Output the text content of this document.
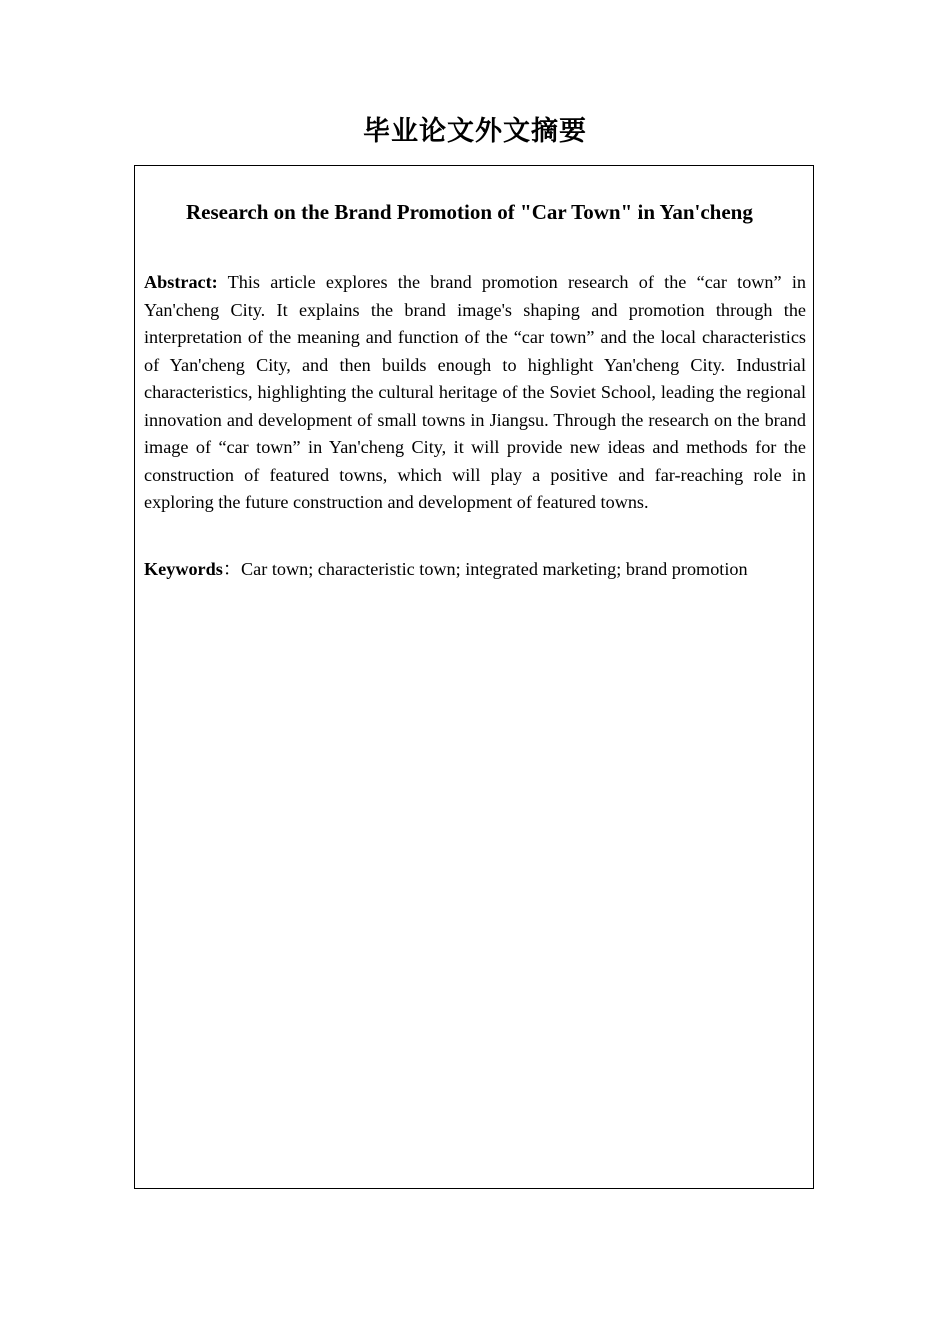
毕业论文外文摘要
Research on the Brand Promotion of "Car Town" in Yan'cheng

Abstract: This article explores the brand promotion research of the “car town” in Yan'cheng City. It explains the brand image's shaping and promotion through the interpretation of the meaning and function of the “car town” and the local characteristics of Yan'cheng City, and then builds enough to highlight Yan'cheng City. Industrial characteristics, highlighting the cultural heritage of the Soviet School, leading the regional innovation and development of small towns in Jiangsu. Through the research on the brand image of “car town” in Yan'cheng City, it will provide new ideas and methods for the construction of featured towns, which will play a positive and far-reaching role in exploring the future construction and development of featured towns.

Keywords：Car town; characteristic town; integrated marketing; brand promotion
